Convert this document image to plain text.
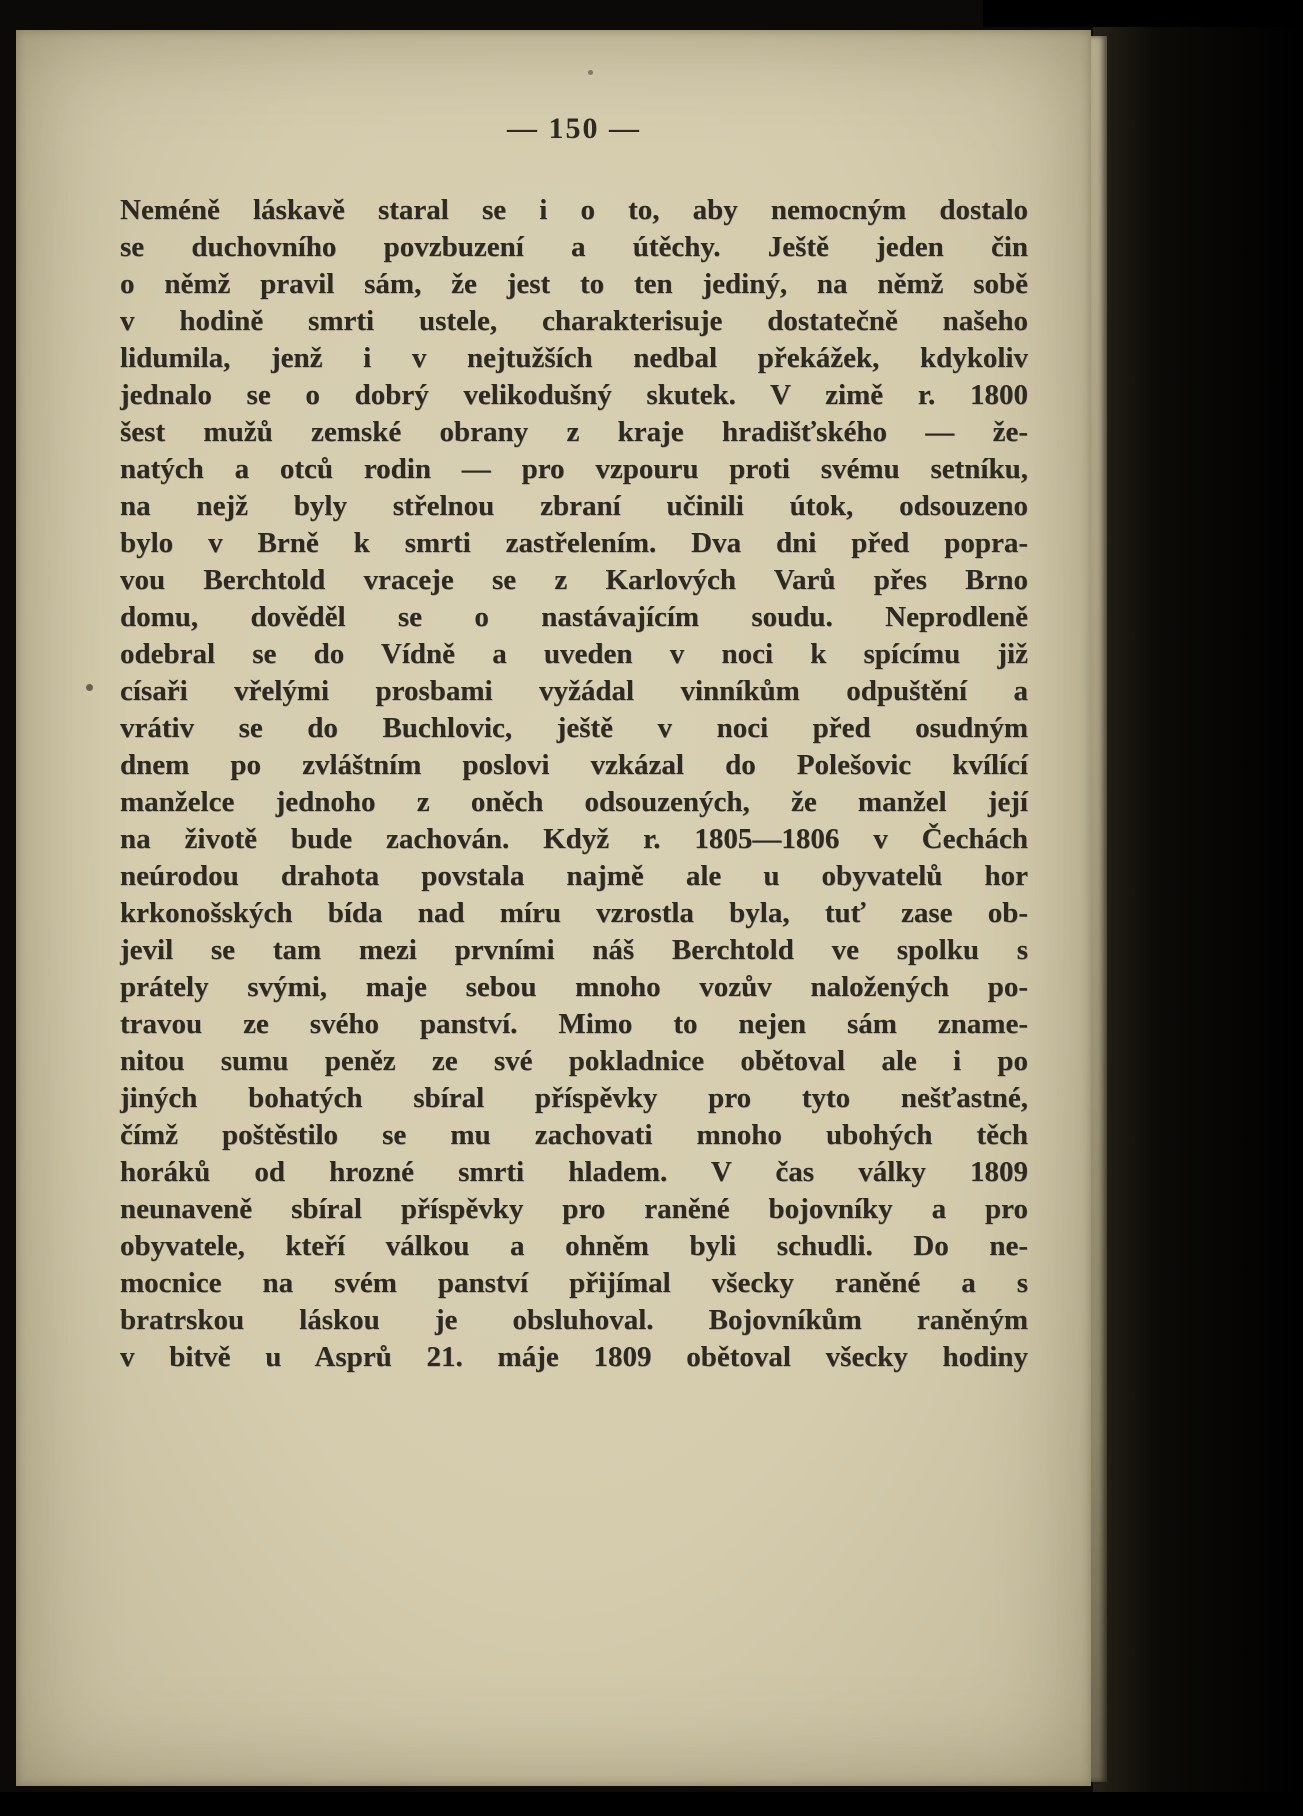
— 150 —
Neméně láskavě staral se i o to, aby nemocným dostalo
se duchovního povzbuzení a útěchy. Ještě jeden čin
o němž pravil sám, že jest to ten jediný, na němž sobě
v hodině smrti ustele, charakterisuje dostatečně našeho
lidumila, jenž i v nejtužších nedbal překážek, kdykoliv
jednalo se o dobrý velikodušný skutek. V zimě r. 1800
šest mužů zemské obrany z kraje hradišťského — že-
natých a otců rodin — pro vzpouru proti svému setníku,
na nejž byly střelnou zbraní učinili útok, odsouzeno
bylo v Brně k smrti zastřelením. Dva dni před popra-
vou Berchtold vraceje se z Karlových Varů přes Brno
domu, dověděl se o nastávajícím soudu. Neprodleně
odebral se do Vídně a uveden v noci k spícímu již
císaři vřelými prosbami vyžádal vinníkům odpuštění a
vrátiv se do Buchlovic, ještě v noci před osudným
dnem po zvláštním poslovi vzkázal do Polešovic kvílící
manželce jednoho z oněch odsouzených, že manžel její
na životě bude zachován. Když r. 1805—1806 v Čechách
neúrodou drahota povstala najmě ale u obyvatelů hor
krkonošských bída nad míru vzrostla byla, tuť zase ob-
jevil se tam mezi prvními náš Berchtold ve spolku s
prátely svými, maje sebou mnoho vozův naložených po-
travou ze svého panství. Mimo to nejen sám zname-
nitou sumu peněz ze své pokladnice obětoval ale i po
jiných bohatých sbíral příspěvky pro tyto nešťastné,
čímž poštěstilo se mu zachovati mnoho ubohých těch
horáků od hrozné smrti hladem. V čas války 1809
neunaveně sbíral příspěvky pro raněné bojovníky a pro
obyvatele, kteří válkou a ohněm byli schudli. Do ne-
mocnice na svém panství přijímal všecky raněné a s
bratrskou láskou je obsluhoval. Bojovníkům raněným
v bitvě u Asprů 21. máje 1809 obětoval všecky hodiny
